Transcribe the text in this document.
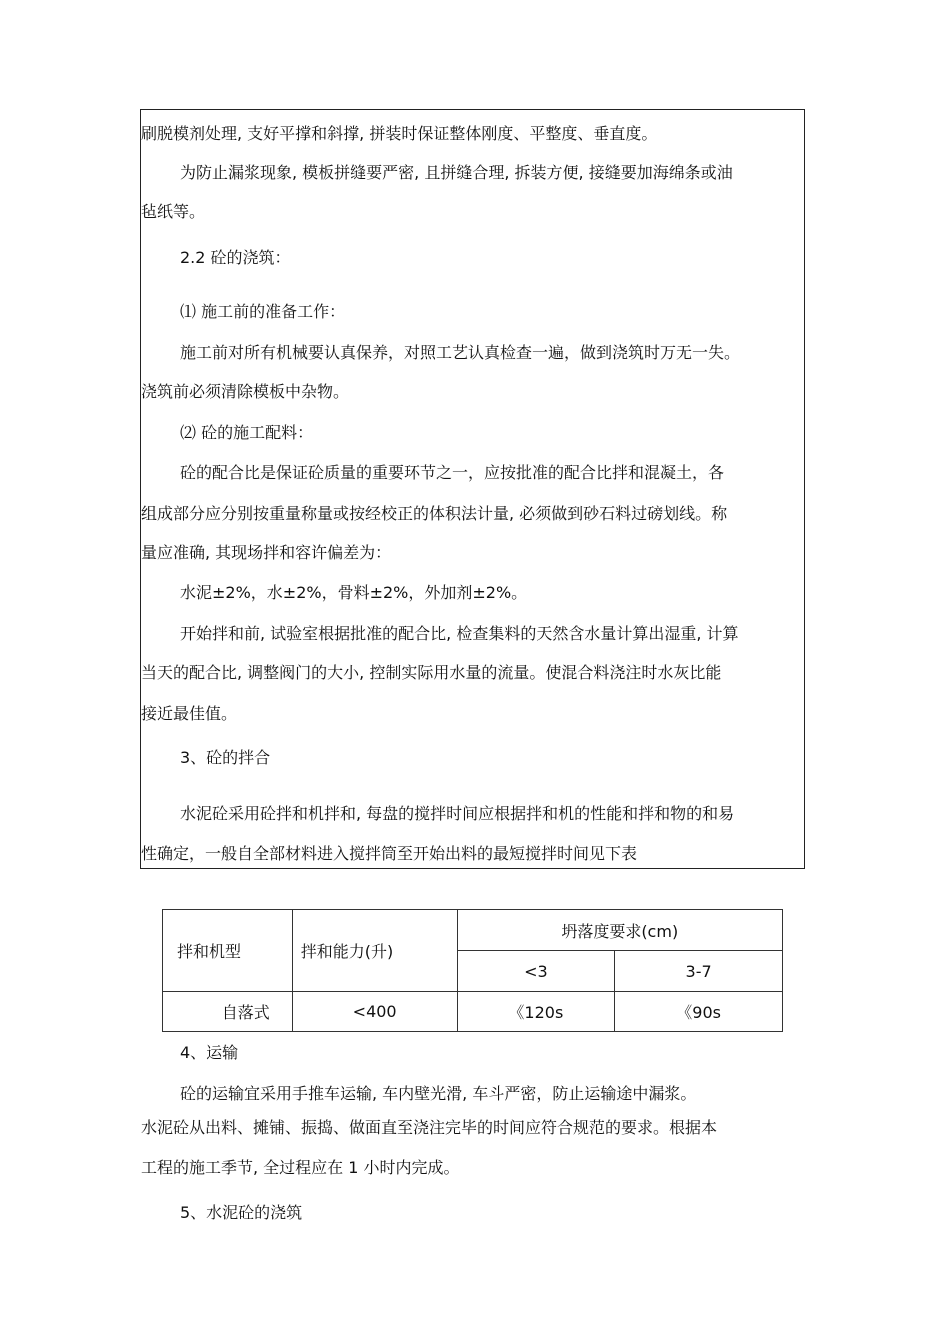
刷脱模剂处理, 支好平撑和斜撑, 拼装时保证整体刚度、平整度、垂直度。
为防止漏浆现象, 模板拼缝要严密, 且拼缝合理, 拆装方便, 接缝要加海绵条或油
毡纸等。
2.2 砼的浇筑：
⑴ 施工前的准备工作：
施工前对所有机械要认真保养，对照工艺认真检查一遍，做到浇筑时万无一失。
浇筑前必须清除模板中杂物。
⑵ 砼的施工配料：
砼的配合比是保证砼质量的重要环节之一，应按批准的配合比拌和混凝土，各
组成部分应分别按重量称量或按经校正的体积法计量, 必须做到砂石料过磅划线。称
量应准确, 其现场拌和容许偏差为：
水泥±2%，水±2%，骨料±2%，外加剂±2%。
开始拌和前, 试验室根据批准的配合比, 检查集料的天然含水量计算出湿重, 计算
当天的配合比, 调整阀门的大小, 控制实际用水量的流量。使混合料浇注时水灰比能
接近最佳值。
3、砼的拌合
水泥砼采用砼拌和机拌和, 每盘的搅拌时间应根据拌和机的性能和拌和物的和易
性确定，一般自全部材料进入搅拌筒至开始出料的最短搅拌时间见下表
拌和机型	拌和能力(升)	坍落度要求(cm)	
		<3	3-7
自落式	<400	《120s	《90s
4、运输
砼的运输宜采用手推车运输, 车内壁光滑, 车斗严密，防止运输途中漏浆。
水泥砼从出料、摊铺、振捣、做面直至浇注完毕的时间应符合规范的要求。根据本
工程的施工季节, 全过程应在 1 小时内完成。
5、水泥砼的浇筑
